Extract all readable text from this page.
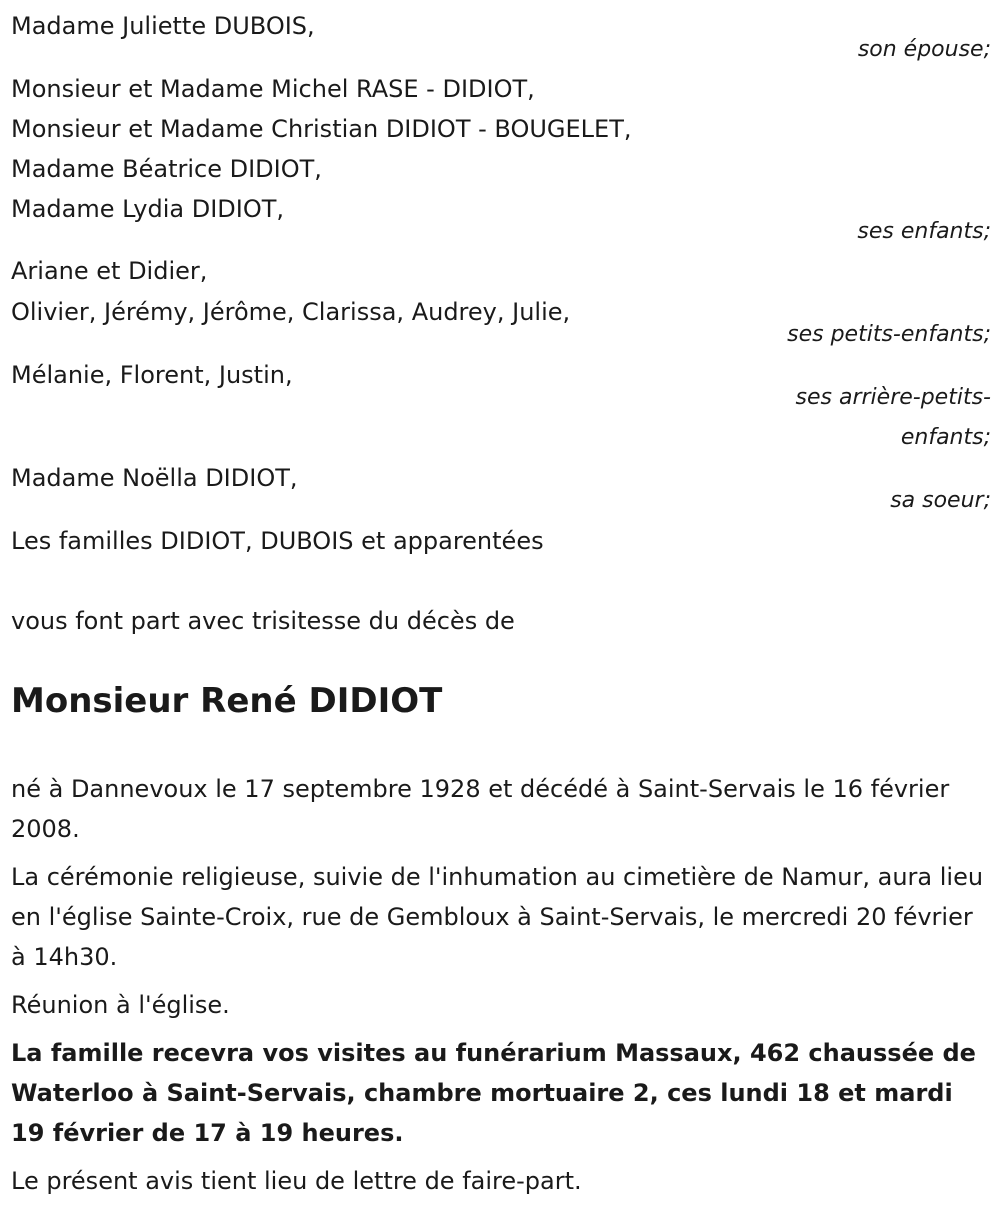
Madame Juliette DUBOIS,
son épouse;
Monsieur et Madame Michel RASE - DIDIOT,
Monsieur et Madame Christian DIDIOT - BOUGELET,
Madame Béatrice DIDIOT,
Madame Lydia DIDIOT,
ses enfants;
Ariane et Didier,
Olivier, Jérémy, Jérôme, Clarissa, Audrey, Julie,
ses petits-enfants;
Mélanie, Florent, Justin,
ses arrière-petits-
enfants;
Madame Noëlla DIDIOT,
sa soeur;
Les familles DIDIOT, DUBOIS et apparentées
vous font part avec trisitesse du décès de
Monsieur René DIDIOT

né à Dannevoux le 17 septembre 1928 et décédé à Saint-Servais le 16 février 2008.

La cérémonie religieuse, suivie de l'inhumation au cimetière de Namur, aura lieu en l'église Sainte-Croix, rue de Gembloux à Saint-Servais, le mercredi 20 février à 14h30.

Réunion à l'église.

La famille recevra vos visites au funérarium Massaux, 462 chaussée de Waterloo à Saint-Servais, chambre mortuaire 2, ces lundi 18 et mardi 19 février de 17 à 19 heures.

Le présent avis tient lieu de lettre de faire-part.
